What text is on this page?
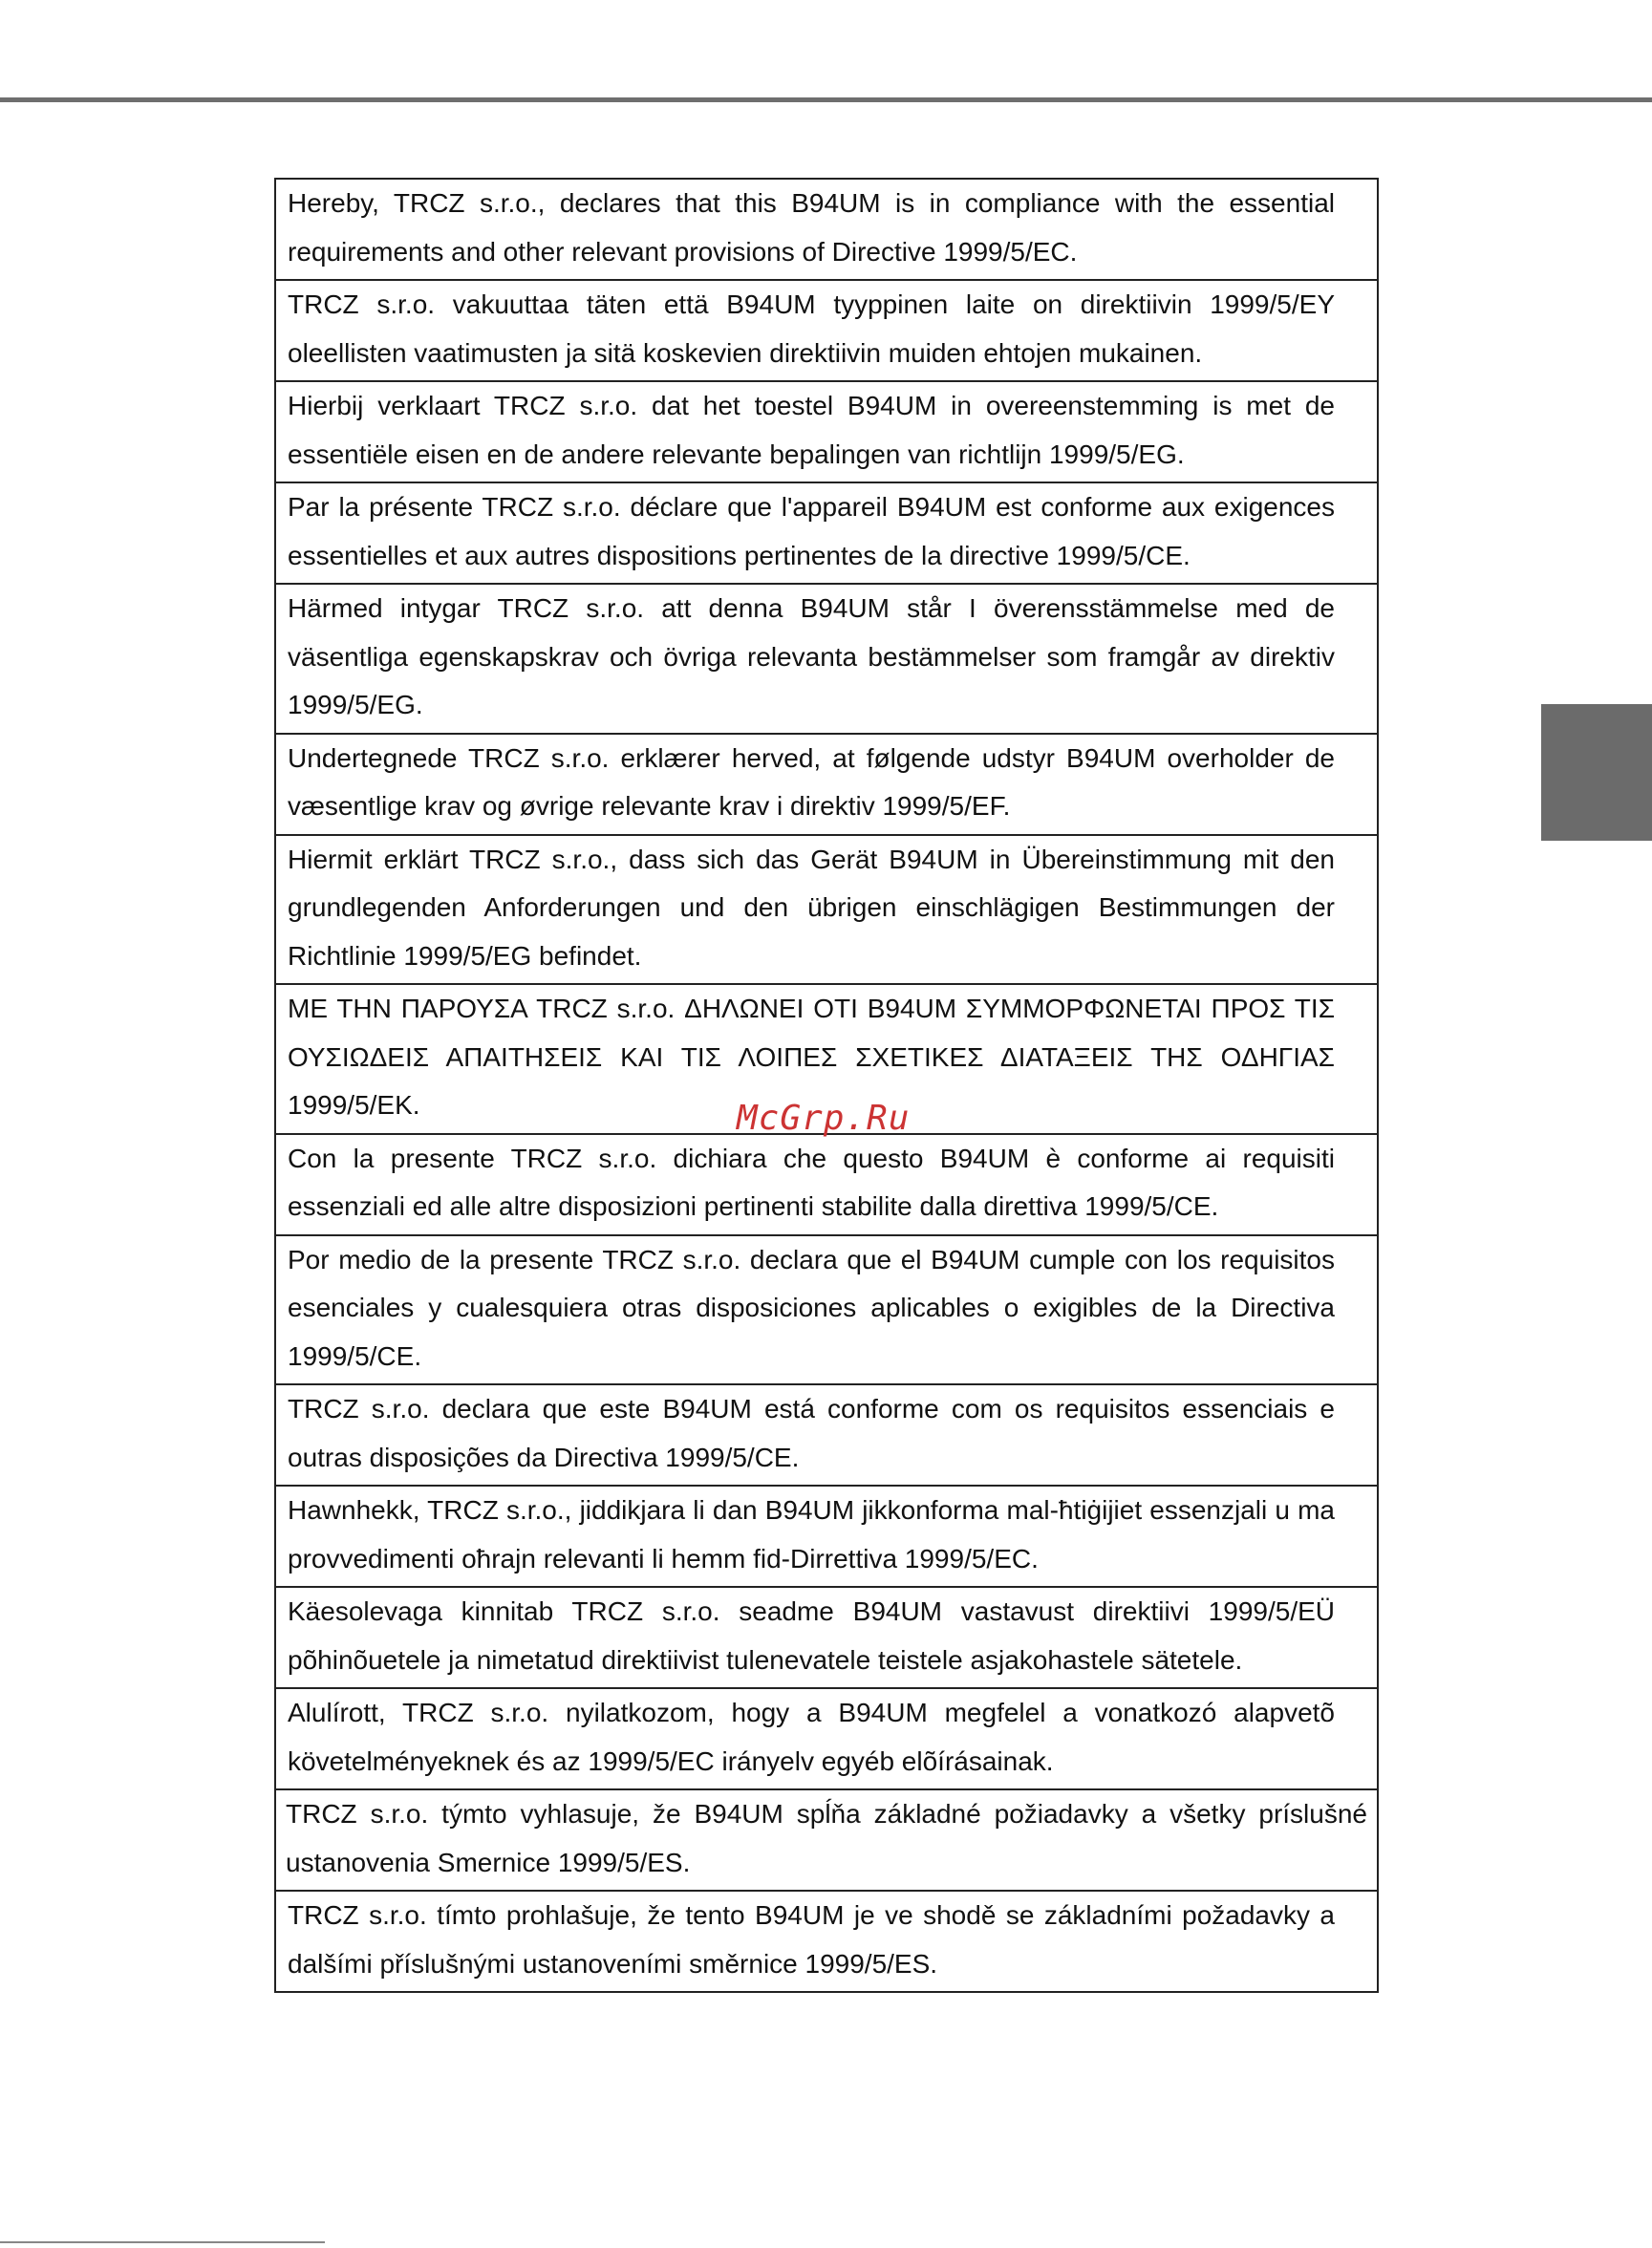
Hereby, TRCZ s.r.o., declares that this B94UM is in compliance with the essential requirements and other relevant provisions of Directive 1999/5/EC.
TRCZ s.r.o. vakuuttaa täten että B94UM tyyppinen laite on direktiivin 1999/5/EY oleellisten vaatimusten ja sitä koskevien direktiivin muiden ehtojen mukainen.
Hierbij verklaart TRCZ s.r.o. dat het toestel B94UM in overeenstemming is met de essentiële eisen en de andere relevante bepalingen van richtlijn 1999/5/EG.
Par la présente TRCZ s.r.o. déclare que l'appareil B94UM est conforme aux exigences essentielles et aux autres dispositions pertinentes de la directive 1999/5/CE.
Härmed intygar TRCZ s.r.o. att denna B94UM står I överensstämmelse med de väsentliga egenskapskrav och övriga relevanta bestämmelser som framgår av direktiv 1999/5/EG.
Undertegnede TRCZ s.r.o. erklærer herved, at følgende udstyr B94UM overholder de væsentlige krav og øvrige relevante krav i direktiv 1999/5/EF.
Hiermit erklärt TRCZ s.r.o., dass sich das Gerät B94UM in Übereinstimmung mit den grundlegenden Anforderungen und den übrigen einschlägigen Bestimmungen der Richtlinie 1999/5/EG befindet.
ΜΕ ΤΗΝ ΠΑΡΟΥΣΑ TRCZ s.r.o. ΔΗΛΩΝΕΙ ΟΤΙ B94UM ΣΥΜΜΟΡΦΩΝΕΤΑΙ ΠΡΟΣ ΤΙΣ ΟΥΣΙΩΔΕΙΣ ΑΠΑΙΤΗΣΕΙΣ ΚΑΙ ΤΙΣ ΛΟΙΠΕΣ ΣΧΕΤΙΚΕΣ ΔΙΑΤΑΞΕΙΣ ΤΗΣ ΟΔΗΓΙΑΣ 1999/5/ΕΚ.
Con la presente TRCZ s.r.o. dichiara che questo B94UM è conforme ai requisiti essenziali ed alle altre disposizioni pertinenti stabilite dalla direttiva 1999/5/CE.
Por medio de la presente TRCZ s.r.o. declara que el B94UM cumple con los requisitos esenciales y cualesquiera otras disposiciones aplicables o exigibles de la Directiva 1999/5/CE.
TRCZ s.r.o. declara que este B94UM está conforme com os requisitos essenciais e outras disposições da Directiva 1999/5/CE.
Hawnhekk, TRCZ s.r.o., jiddikjara li dan B94UM jikkonforma mal-ħtiġijiet essenzjali u ma provvedimenti oħrajn relevanti li hemm fid-Dirrettiva 1999/5/EC.
Käesolevaga kinnitab TRCZ s.r.o. seadme B94UM vastavust direktiivi 1999/5/EÜ põhinõuetele ja nimetatud direktiivist tulenevatele teistele asjakohastele sätetele.
Alulírott, TRCZ s.r.o. nyilatkozom, hogy a B94UM megfelel a vonatkozó alapvetõ követelményeknek és az 1999/5/EC irányelv egyéb elõírásainak.
TRCZ s.r.o. týmto vyhlasuje, že B94UM spĺňa základné požiadavky a všetky príslušné ustanovenia Smernice 1999/5/ES.
TRCZ s.r.o. tímto prohlašuje, že tento B94UM je ve shodě se základními požadavky a dalšími příslušnými ustanoveními směrnice 1999/5/ES.
McGrp.Ru
